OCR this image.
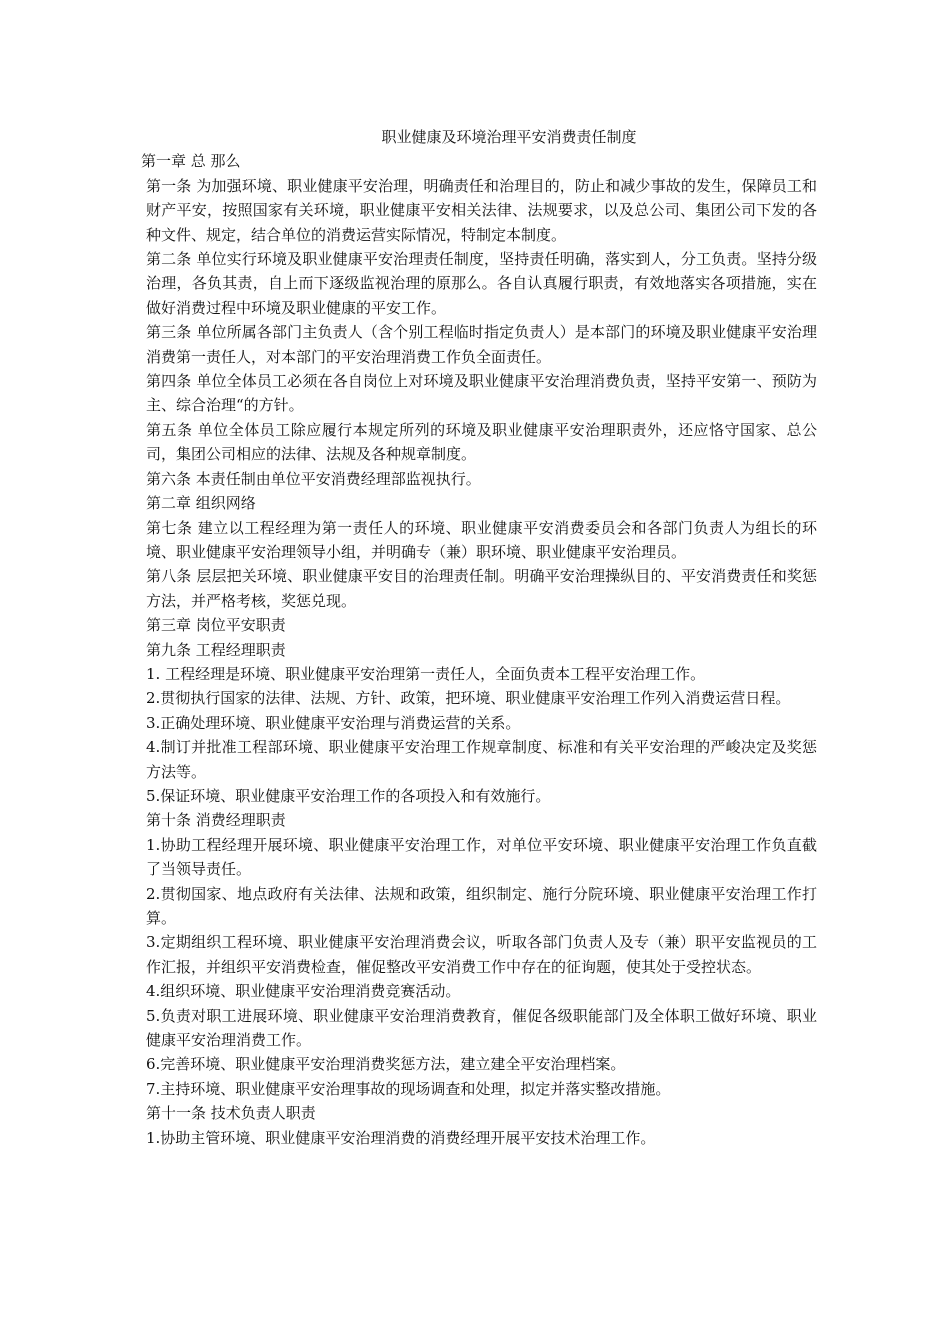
职业健康及环境治理平安消费责任制度

第一章 总 那么

第一条 为加强环境、职业健康平安治理，明确责任和治理目的，防止和减少事故的发生，保障员工和财产平安，按照国家有关环境，职业健康平安相关法律、法规要求，以及总公司、集团公司下发的各种文件、规定，结合单位的消费运营实际情况，特制定本制度。

第二条 单位实行环境及职业健康平安治理责任制度，坚持责任明确，落实到人，分工负责。坚持分级治理，各负其责，自上而下逐级监视治理的原那么。各自认真履行职责，有效地落实各项措施，实在做好消费过程中环境及职业健康的平安工作。

第三条 单位所属各部门主负责人（含个别工程临时指定负责人）是本部门的环境及职业健康平安治理消费第一责任人，对本部门的平安治理消费工作负全面责任。

第四条 单位全体员工必须在各自岗位上对环境及职业健康平安治理消费负责，坚持平安第一、预防为主、综合治理“的方针。

第五条 单位全体员工除应履行本规定所列的环境及职业健康平安治理职责外，还应恪守国家、总公司，集团公司相应的法律、法规及各种规章制度。

第六条 本责任制由单位平安消费经理部监视执行。

第二章 组织网络

第七条 建立以工程经理为第一责任人的环境、职业健康平安消费委员会和各部门负责人为组长的环境、职业健康平安治理领导小组，并明确专（兼）职环境、职业健康平安治理员。

第八条 层层把关环境、职业健康平安目的治理责任制。明确平安治理操纵目的、平安消费责任和奖惩方法，并严格考核，奖惩兑现。

第三章 岗位平安职责

第九条 工程经理职责

1. 工程经理是环境、职业健康平安治理第一责任人，全面负责本工程平安治理工作。

2.贯彻执行国家的法律、法规、方针、政策，把环境、职业健康平安治理工作列入消费运营日程。

3.正确处理环境、职业健康平安治理与消费运营的关系。

4.制订并批准工程部环境、职业健康平安治理工作规章制度、标准和有关平安治理的严峻决定及奖惩方法等。

5.保证环境、职业健康平安治理工作的各项投入和有效施行。

第十条 消费经理职责

1.协助工程经理开展环境、职业健康平安治理工作，对单位平安环境、职业健康平安治理工作负直截了当领导责任。

2.贯彻国家、地点政府有关法律、法规和政策，组织制定、施行分院环境、职业健康平安治理工作打算。

3.定期组织工程环境、职业健康平安治理消费会议，听取各部门负责人及专（兼）职平安监视员的工作汇报，并组织平安消费检查，催促整改平安消费工作中存在的征询题，使其处于受控状态。

4.组织环境、职业健康平安治理消费竞赛活动。

5.负责对职工进展环境、职业健康平安治理消费教育，催促各级职能部门及全体职工做好环境、职业健康平安治理消费工作。

6.完善环境、职业健康平安治理消费奖惩方法，建立建全平安治理档案。

7.主持环境、职业健康平安治理事故的现场调查和处理，拟定并落实整改措施。

第十一条 技术负责人职责

1.协助主管环境、职业健康平安治理消费的消费经理开展平安技术治理工作。
